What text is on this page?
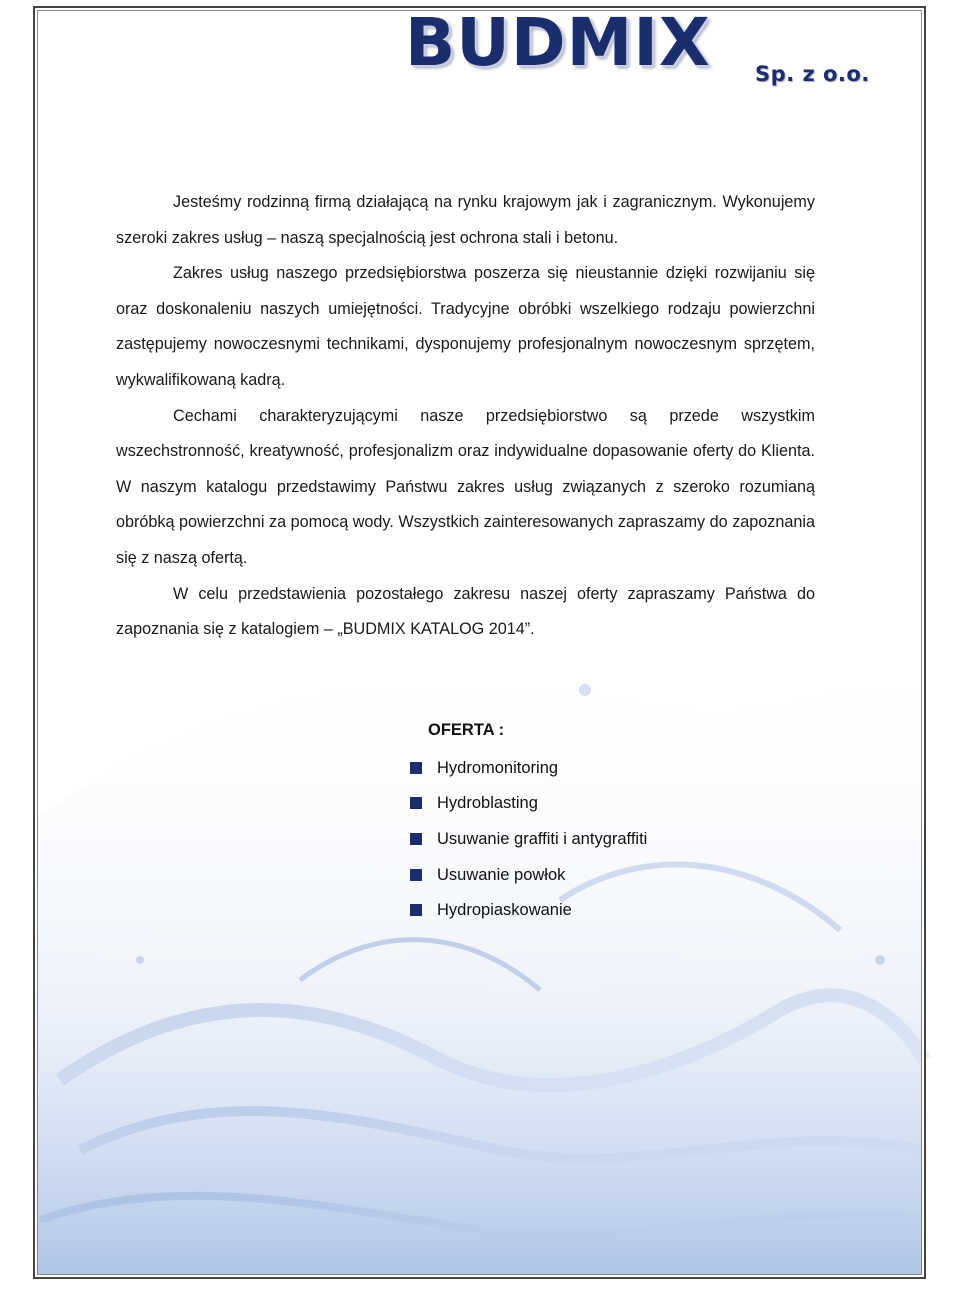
BUDMIX Sp. z o.o.

Jesteśmy rodzinną firmą działającą na rynku krajowym jak i zagranicznym. Wykonujemy szeroki zakres usług – naszą specjalnością jest ochrona stali i betonu.

Zakres usług naszego przedsiębiorstwa poszerza się nieustannie dzięki rozwijaniu się oraz doskonaleniu naszych umiejętności. Tradycyjne obróbki wszelkiego rodzaju powierzchni zastępujemy nowoczesnymi technikami, dysponujemy profesjonalnym nowoczesnym sprzętem, wykwalifikowaną kadrą.

Cechami charakteryzującymi nasze przedsiębiorstwo są przede wszystkim wszechstronność, kreatywność, profesjonalizm oraz indywidualne dopasowanie oferty do Klienta. W naszym katalogu przedstawimy Państwu zakres usług związanych z szeroko rozumianą obróbką powierzchni za pomocą wody. Wszystkich zainteresowanych zapraszamy do zapoznania się z naszą ofertą.

W celu przedstawienia pozostałego zakresu naszej oferty zapraszamy Państwa do zapoznania się z katalogiem – „BUDMIX KATALOG 2014”.

OFERTA :
Hydromonitoring
Hydroblasting
Usuwanie graffiti i antygraffiti
Usuwanie powłok
Hydropiaskowanie
